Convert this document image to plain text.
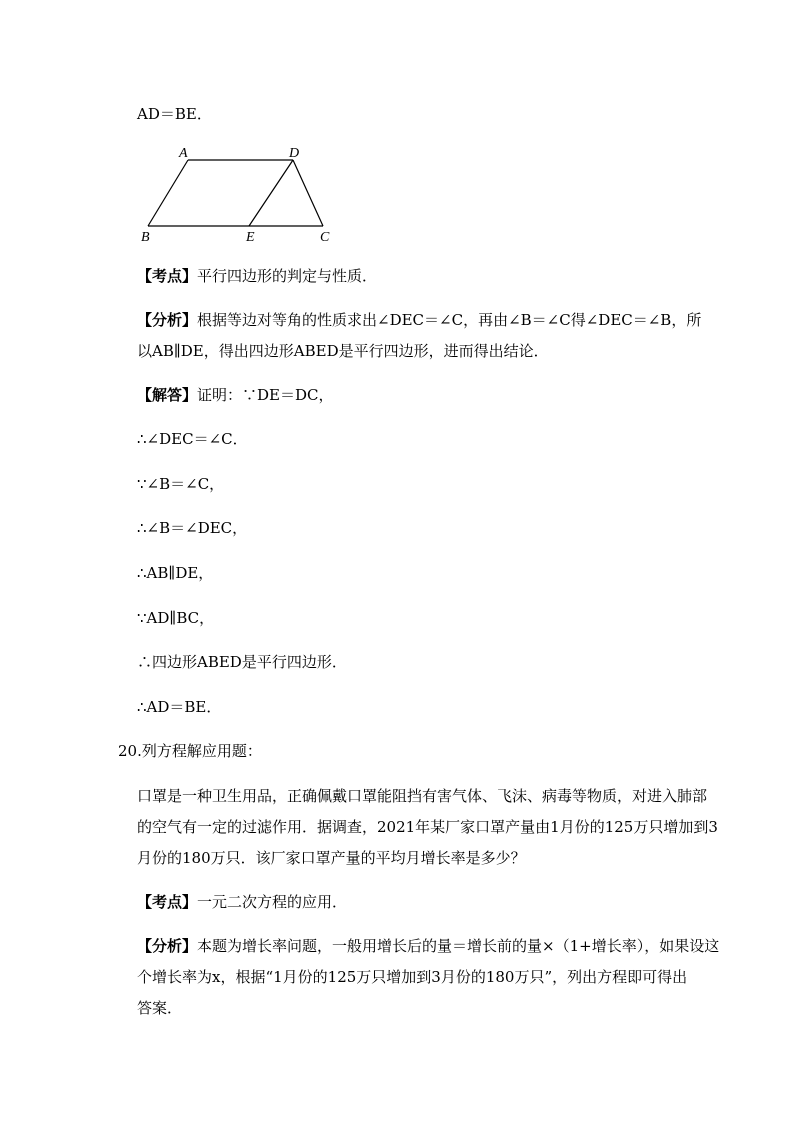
AD＝BE．
A	D
B	E	C
【考点】平行四边形的判定与性质．
【分析】根据等边对等角的性质求出∠DEC＝∠C，再由∠B＝∠C得∠DEC＝∠B，所
以AB∥DE，得出四边形ABED是平行四边形，进而得出结论．
【解答】证明：∵DE＝DC，
∴∠DEC＝∠C．
∵∠B＝∠C，
∴∠B＝∠DEC，
∴AB∥DE，
∵AD∥BC，
∴四边形ABED是平行四边形．
∴AD＝BE．
20.列方程解应用题：
口罩是一种卫生用品，正确佩戴口罩能阻挡有害气体、飞沫、病毒等物质，对进入肺部
的空气有一定的过滤作用．据调查，2021年某厂家口罩产量由1月份的125万只增加到3
月份的180万只．该厂家口罩产量的平均月增长率是多少？
【考点】一元二次方程的应用．
【分析】本题为增长率问题，一般用增长后的量＝增长前的量×（1+增长率），如果设这
个增长率为x，根据“1月份的125万只增加到3月份的180万只”，列出方程即可得出
答案．
